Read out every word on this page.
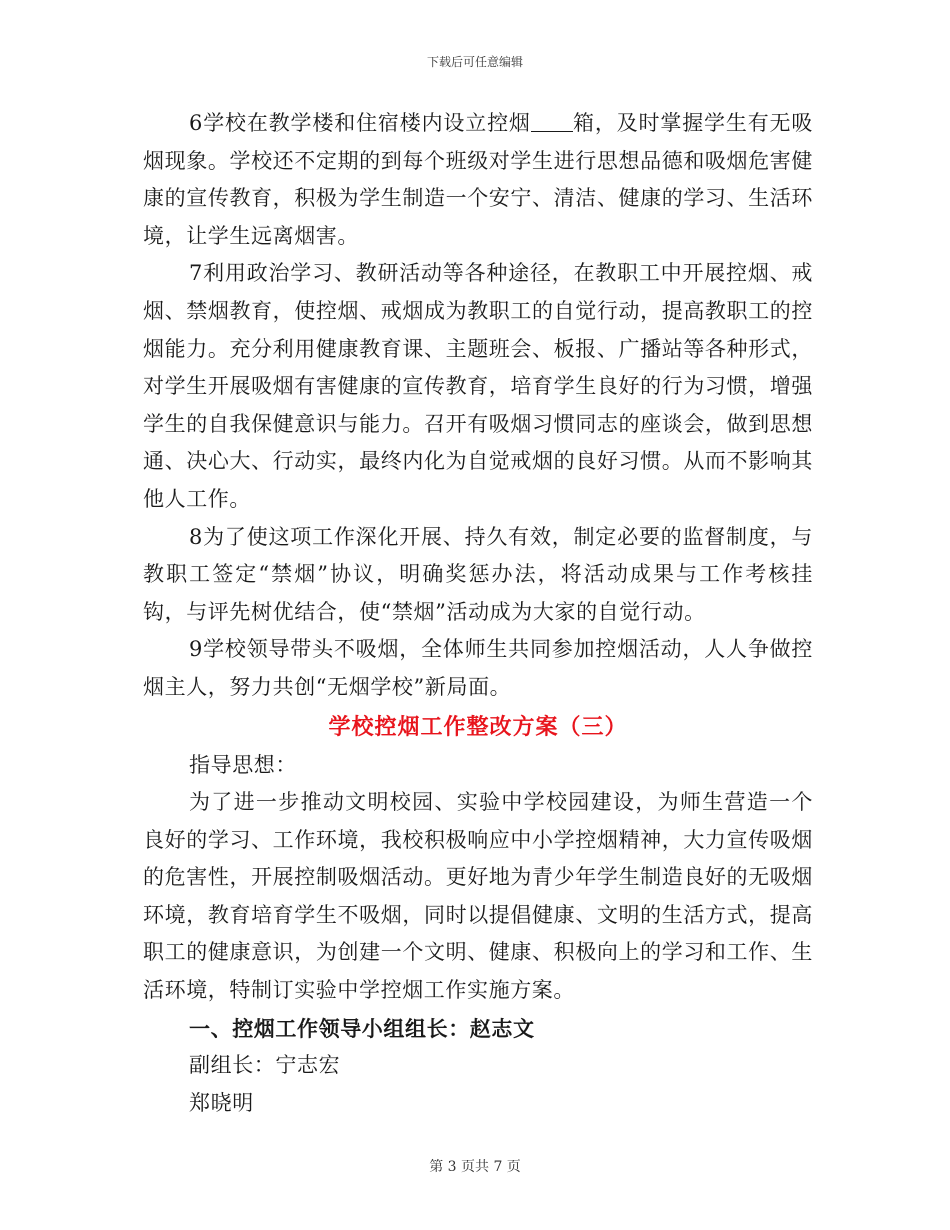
下载后可任意编辑

6学校在教学楼和住宿楼内设立控烟 箱，及时掌握学生有无吸烟现象。学校还不定期的到每个班级对学生进行思想品德和吸烟危害健康的宣传教育，积极为学生制造一个安宁、清洁、健康的学习、生活环境，让学生远离烟害。

7利用政治学习、教研活动等各种途径，在教职工中开展控烟、戒烟、禁烟教育，使控烟、戒烟成为教职工的自觉行动，提高教职工的控烟能力。充分利用健康教育课、主题班会、板报、广播站等各种形式，对学生开展吸烟有害健康的宣传教育，培育学生良好的行为习惯，增强学生的自我保健意识与能力。召开有吸烟习惯同志的座谈会，做到思想通、决心大、行动实，最终内化为自觉戒烟的良好习惯。从而不影响其他人工作。

8为了使这项工作深化开展、持久有效，制定必要的监督制度，与教职工签定“禁烟”协议，明确奖惩办法，将活动成果与工作考核挂钩，与评先树优结合，使“禁烟”活动成为大家的自觉行动。

9学校领导带头不吸烟，全体师生共同参加控烟活动，人人争做控烟主人，努力共创“无烟学校”新局面。

学校控烟工作整改方案（三）

指导思想：

为了进一步推动文明校园、实验中学校园建设，为师生营造一个良好的学习、工作环境，我校积极响应中小学控烟精神，大力宣传吸烟的危害性，开展控制吸烟活动。更好地为青少年学生制造良好的无吸烟环境，教育培育学生不吸烟，同时以提倡健康、文明的生活方式，提高职工的健康意识，为创建一个文明、健康、积极向上的学习和工作、生活环境，特制订实验中学控烟工作实施方案。

一、控烟工作领导小组组长：赵志文

副组长：宁志宏

郑晓明

第 3 页共 7 页
